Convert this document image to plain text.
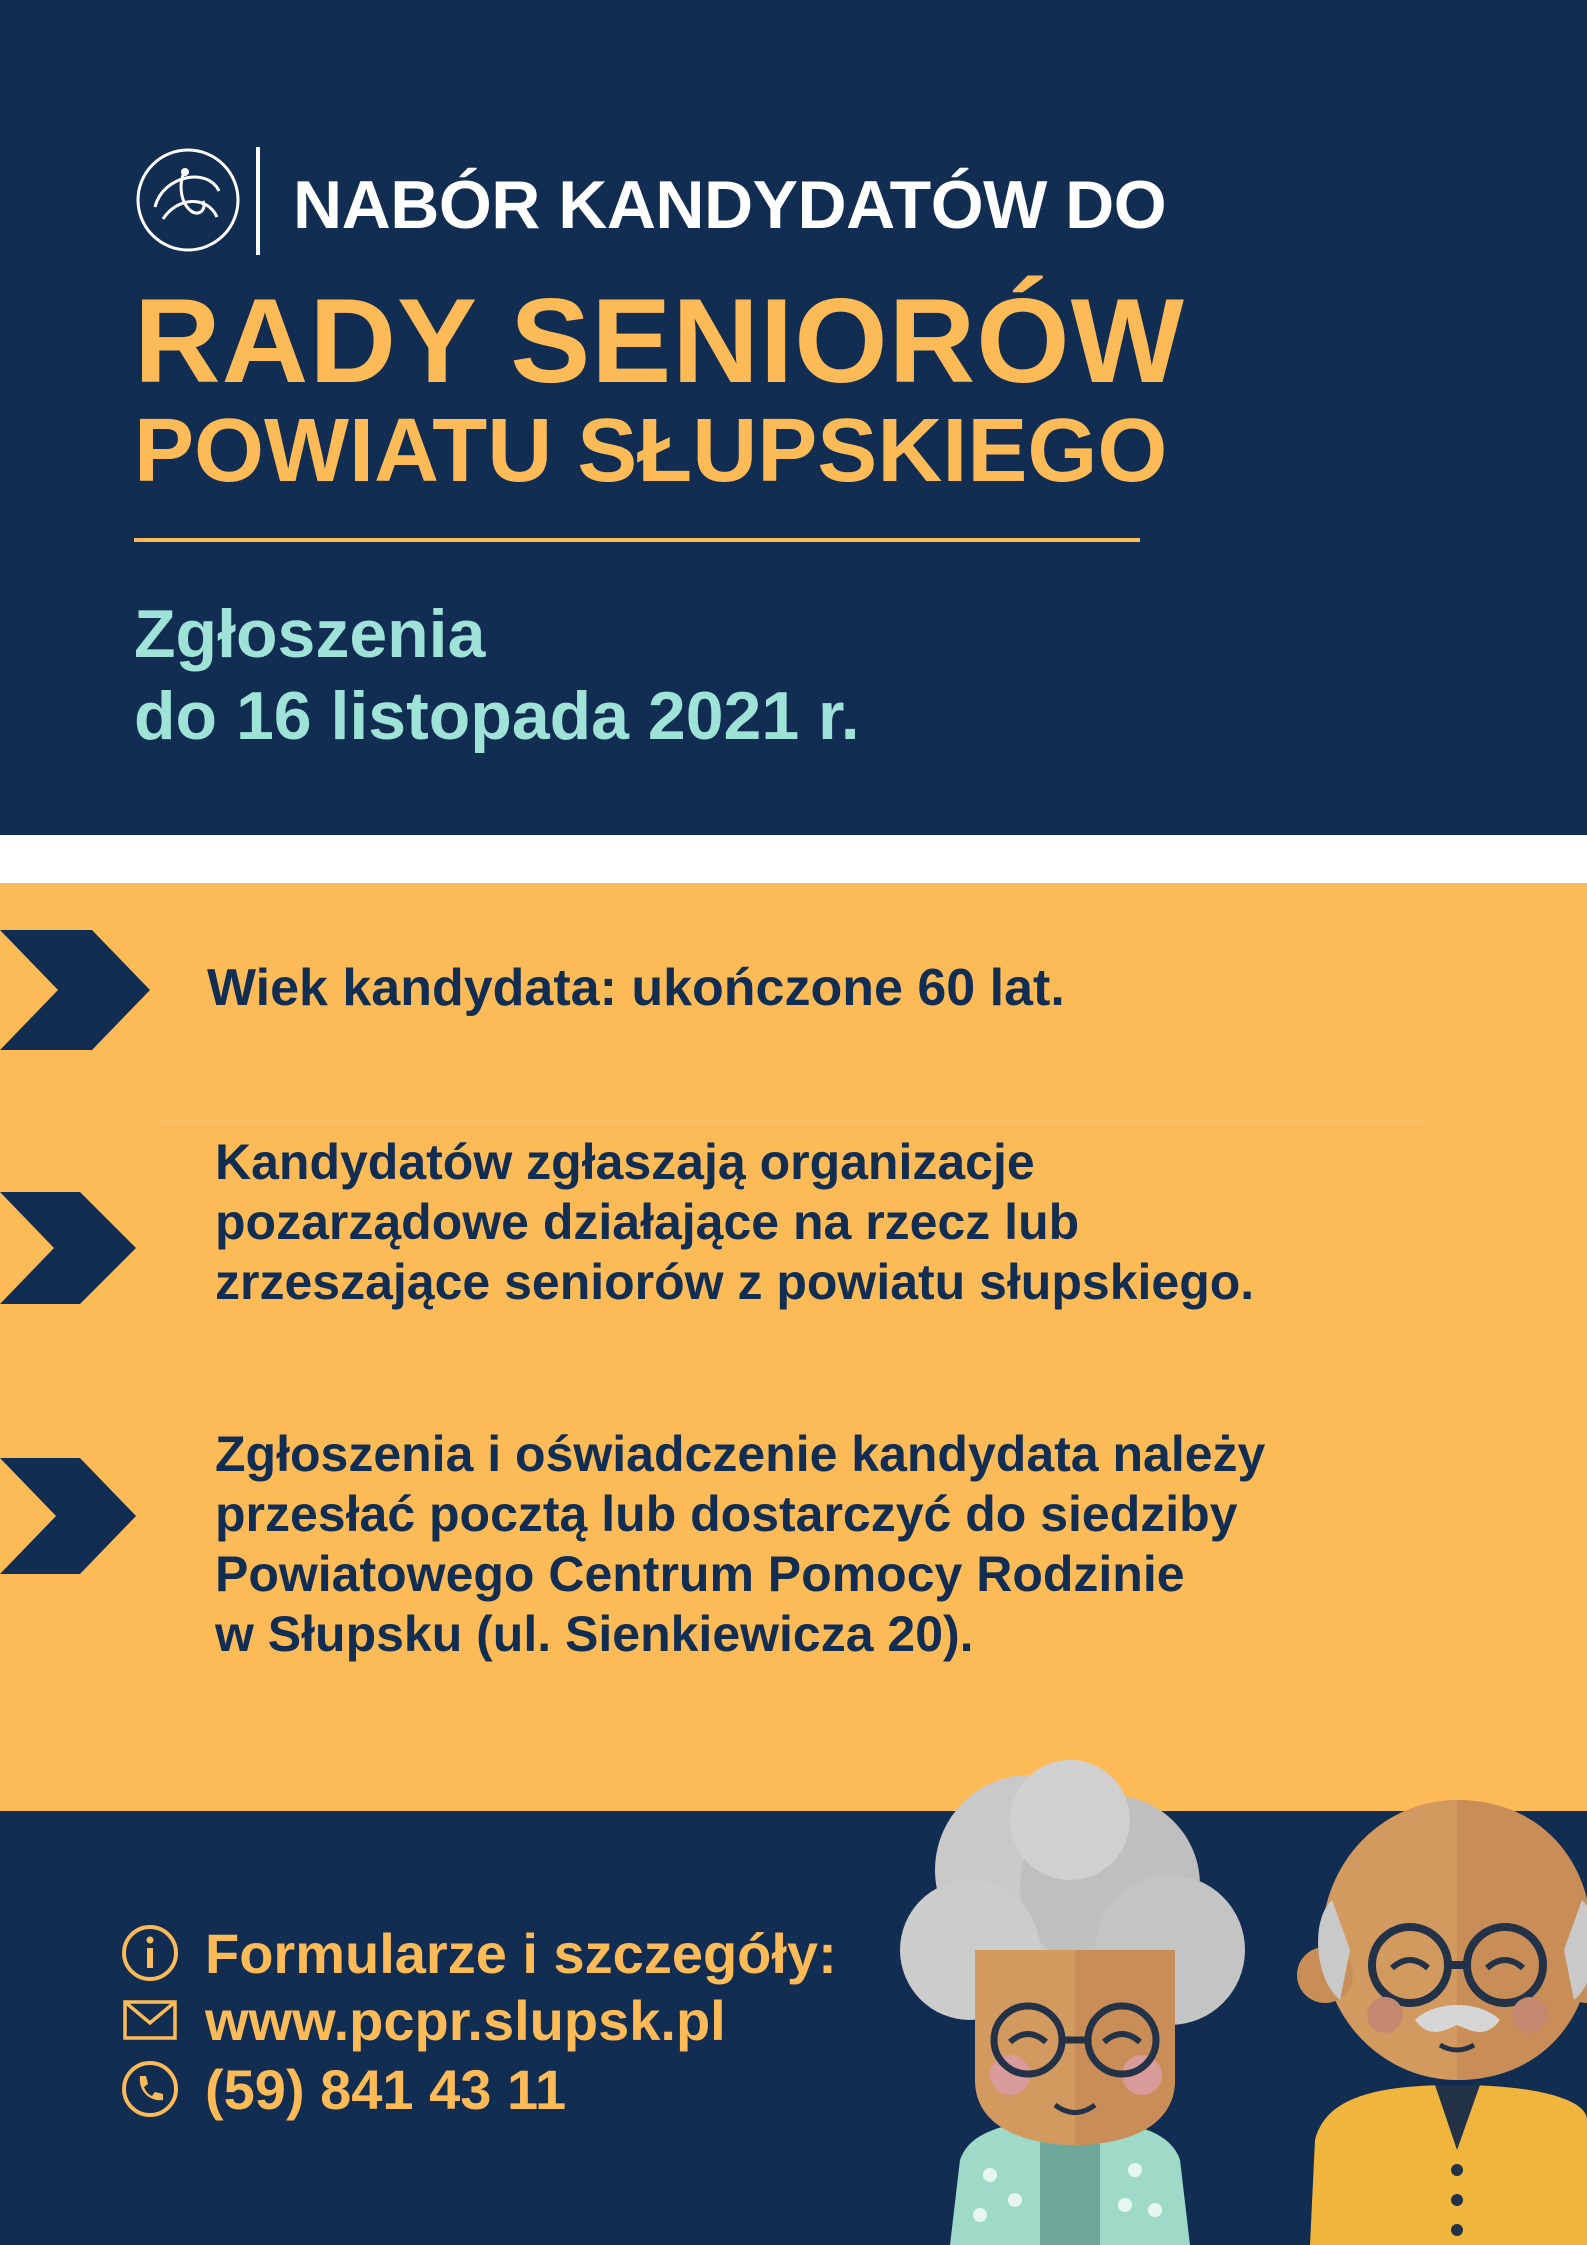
NABÓR KANDYDATÓW DO
RADY SENIORÓW
POWIATU SŁUPSKIEGO
Zgłoszenia
do 16 listopada 2021 r.
Wiek kandydata: ukończone 60 lat.
Kandydatów zgłaszają organizacje
pozarządowe działające na rzecz lub
zrzeszające seniorów z powiatu słupskiego.
Zgłoszenia i oświadczenie kandydata należy
przesłać pocztą lub dostarczyć do siedziby
Powiatowego Centrum Pomocy Rodzinie
w Słupsku (ul. Sienkiewicza 20).
Formularze i szczegóły:
www.pcpr.slupsk.pl
(59) 841 43 11
